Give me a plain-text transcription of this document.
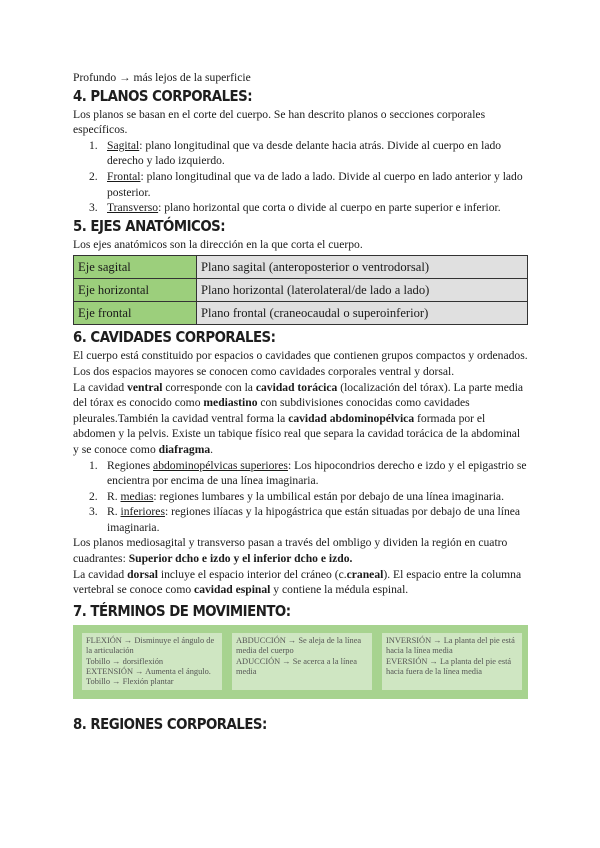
Profundo → más lejos de la superficie

4. PLANOS CORPORALES:

Los planos se basan en el corte del cuerpo. Se han descrito planos o secciones corporales específicos.

1. Sagital: plano longitudinal que va desde delante hacia atrás. Divide al cuerpo en lado derecho y lado izquierdo.
2. Frontal: plano longitudinal que va de lado a lado. Divide al cuerpo en lado anterior y lado posterior.
3. Transverso: plano horizontal que corta o divide al cuerpo en parte superior e inferior.
5. EJES ANATÓMICOS:

Los ejes anatómicos son la dirección en la que corta el cuerpo.

Eje sagital	Plano sagital (anteroposterior o ventrodorsal)
Eje horizontal	Plano horizontal (laterolateral/de lado a lado)
Eje frontal	Plano frontal (craneocaudal o superoinferior)
6. CAVIDADES CORPORALES:

El cuerpo está constituido por espacios o cavidades que contienen grupos compactos y ordenados. Los dos espacios mayores se conocen como cavidades corporales ventral y dorsal.

La cavidad ventral corresponde con la cavidad torácica (localización del tórax). La parte media del tórax es conocido como mediastino con subdivisiones conocidas como cavidades pleurales.También la cavidad ventral forma la cavidad abdominopélvica formada por el abdomen y la pelvis. Existe un tabique físico real que separa la cavidad torácica de la abdominal y se conoce como diafragma.

1. Regiones abdominopélvicas superiores: Los hipocondrios derecho e izdo y el epigastrio se encientra por encima de una línea imaginaria.
2. R. medias: regiones lumbares y la umbilical están por debajo de una línea imaginaria.
3. R. inferiores: regiones ilíacas y la hipogástrica que están situadas por debajo de una línea imaginaria.

Los planos mediosagital y transverso pasan a través del ombligo y dividen la región en cuatro cuadrantes: Superior dcho e izdo y el inferior dcho e izdo.

La cavidad dorsal incluye el espacio interior del cráneo (c.craneal). El espacio entre la columna vertebral se conoce como cavidad espinal y contiene la médula espinal.

7. TÉRMINOS DE MOVIMIENTO:
FLEXIÓN → Disminuye el ángulo de la articulación
Tobillo → dorsiflexión
EXTENSIÓN → Aumenta el ángulo.
Tobillo → Flexión plantar
ABDUCCIÓN → Se aleja de la línea media del cuerpo
ADUCCIÓN → Se acerca a la línea media
INVERSIÓN → La planta del pie está hacia la línea media
EVERSIÓN → La planta del pie está hacia fuera de la línea media
8. REGIONES CORPORALES:
